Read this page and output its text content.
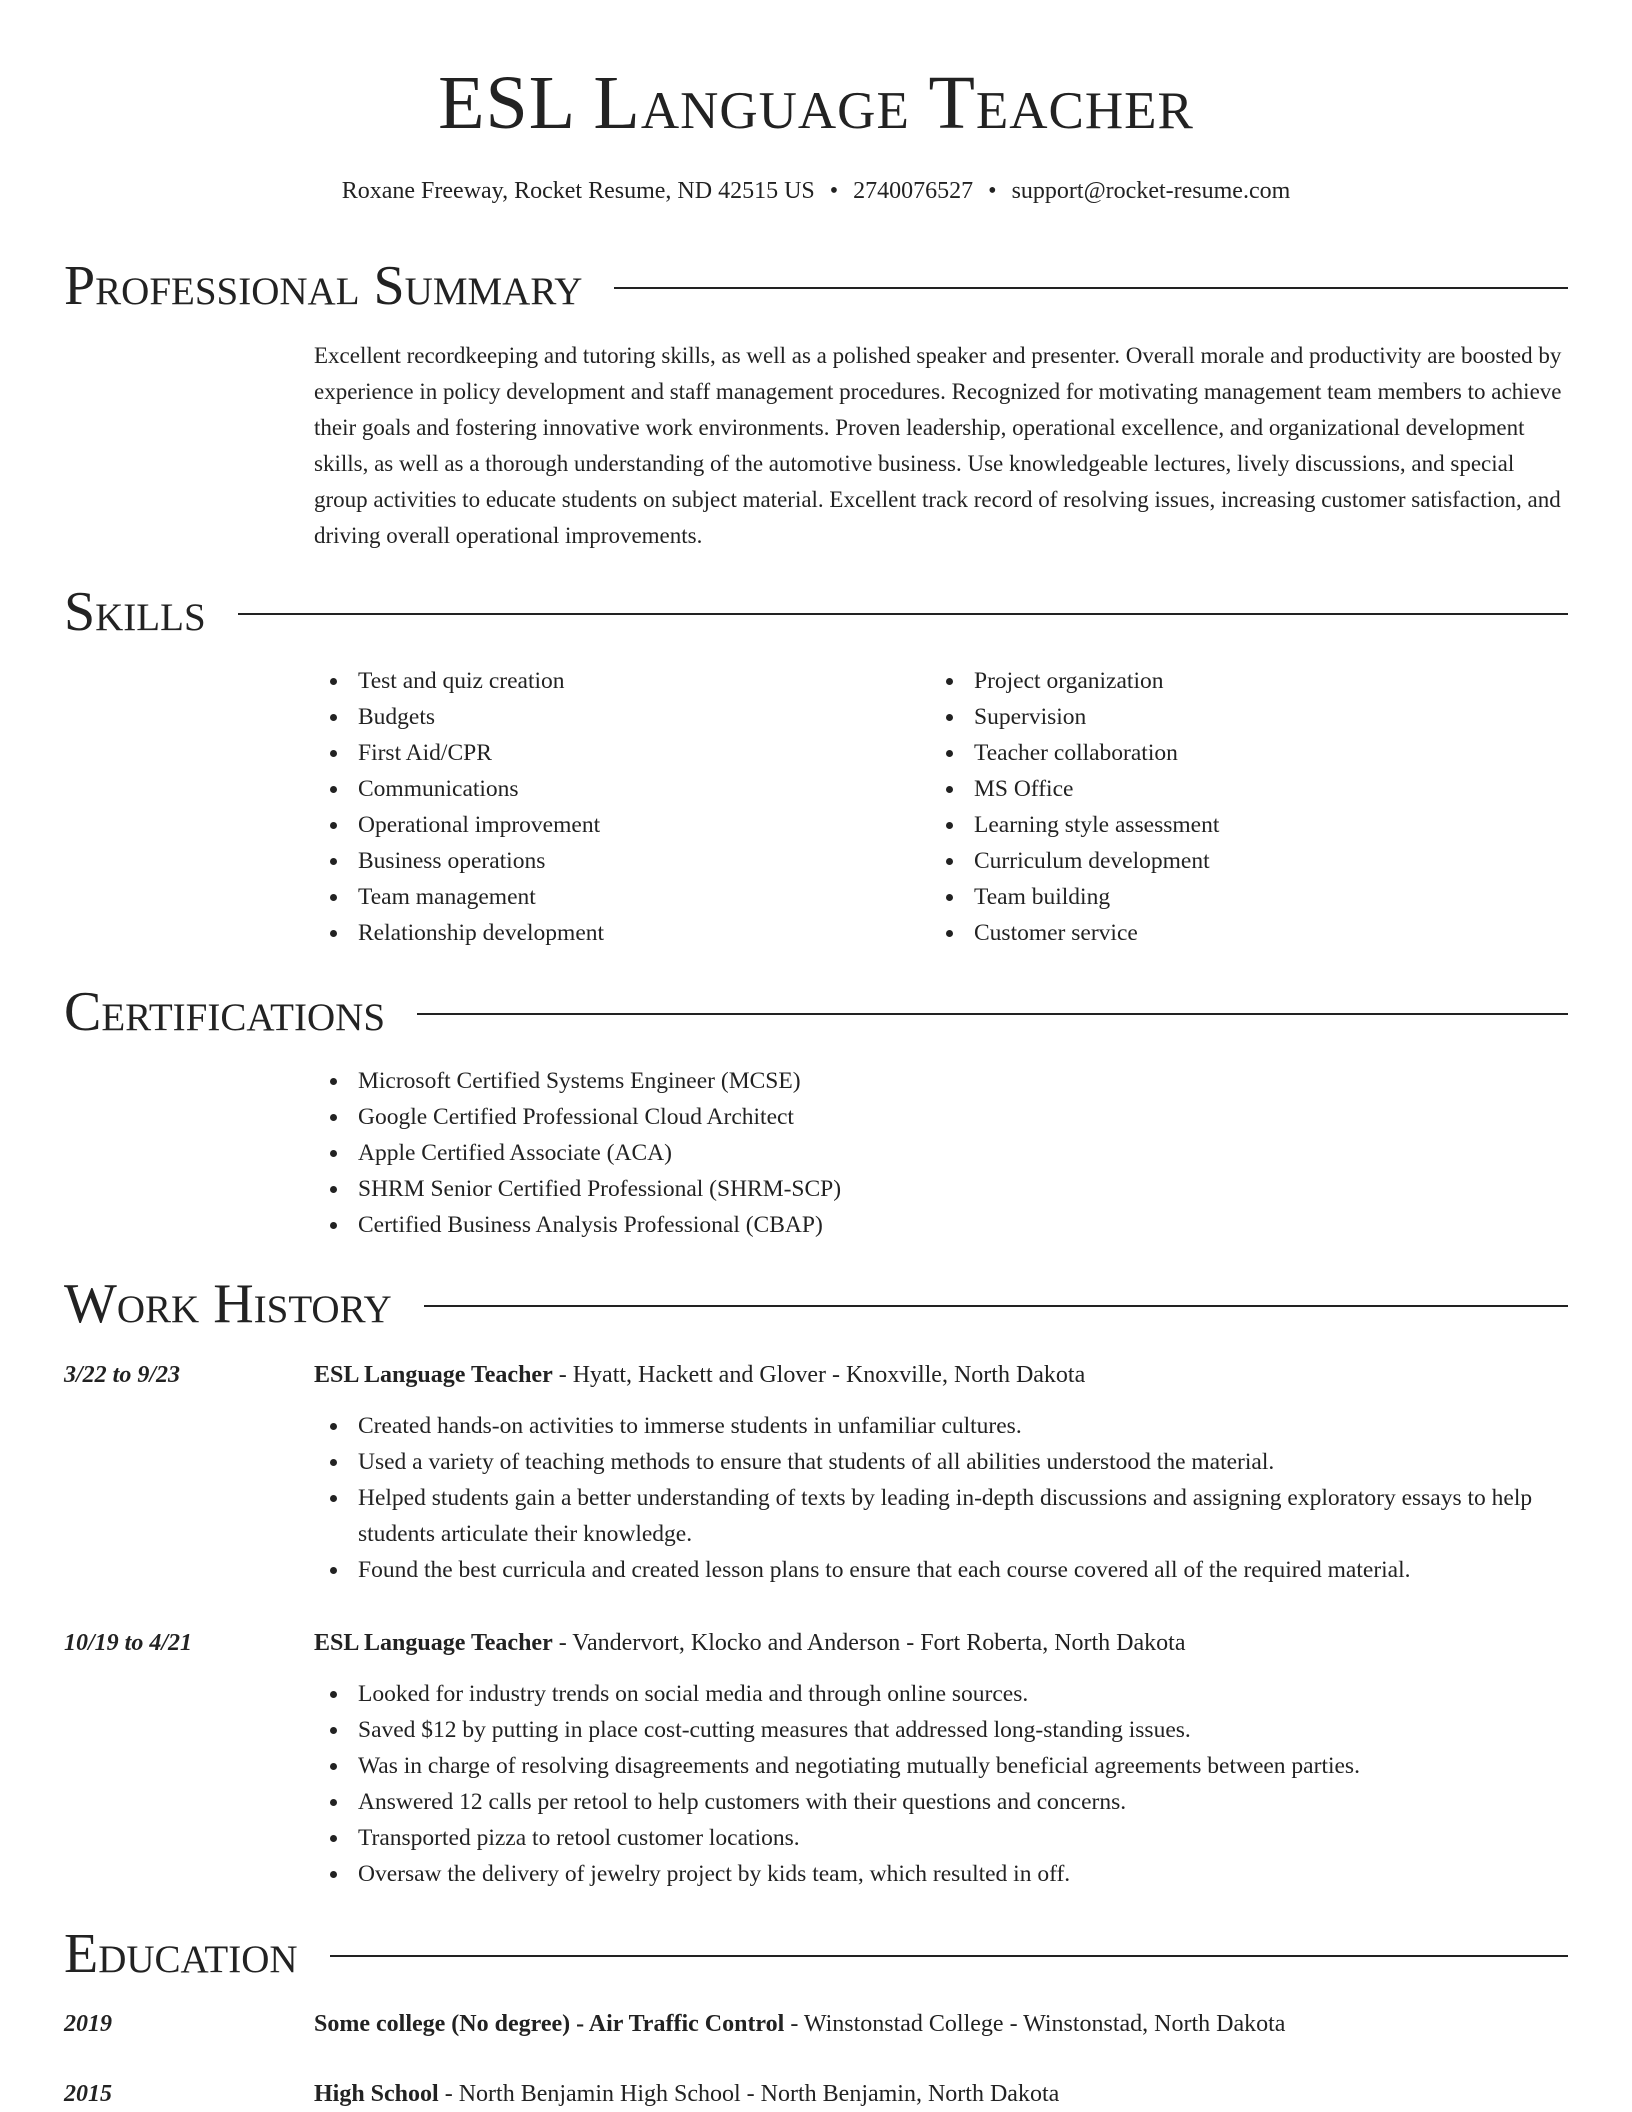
ESL Language Teacher
Roxane Freeway, Rocket Resume, ND 42515 US • 2740076527 • support@rocket-resume.com
Professional Summary

Excellent recordkeeping and tutoring skills, as well as a polished speaker and presenter. Overall morale and productivity are boosted by experience in policy development and staff management procedures. Recognized for motivating management team members to achieve their goals and fostering innovative work environments. Proven leadership, operational excellence, and organizational development skills, as well as a thorough understanding of the automotive business. Use knowledgeable lectures, lively discussions, and special group activities to educate students on subject material. Excellent track record of resolving issues, increasing customer satisfaction, and driving overall operational improvements.

Skills
Test and quiz creation
Budgets
First Aid/CPR
Communications
Operational improvement
Business operations
Team management
Relationship development
Project organization
Supervision
Teacher collaboration
MS Office
Learning style assessment
Curriculum development
Team building
Customer service
Certifications
Microsoft Certified Systems Engineer (MCSE)
Google Certified Professional Cloud Architect
Apple Certified Associate (ACA)
SHRM Senior Certified Professional (SHRM-SCP)
Certified Business Analysis Professional (CBAP)
Work History
3/22 to 9/23	ESL Language Teacher - Hyatt, Hackett and Glover - Knoxville, North Dakota
Created hands-on activities to immerse students in unfamiliar cultures.
Used a variety of teaching methods to ensure that students of all abilities understood the material.
Helped students gain a better understanding of texts by leading in-depth discussions and assigning exploratory essays to help students articulate their knowledge.
Found the best curricula and created lesson plans to ensure that each course covered all of the required material.
10/19 to 4/21	ESL Language Teacher - Vandervort, Klocko and Anderson - Fort Roberta, North Dakota
Looked for industry trends on social media and through online sources.
Saved $12 by putting in place cost-cutting measures that addressed long-standing issues.
Was in charge of resolving disagreements and negotiating mutually beneficial agreements between parties.
Answered 12 calls per retool to help customers with their questions and concerns.
Transported pizza to retool customer locations.
Oversaw the delivery of jewelry project by kids team, which resulted in off.
Education
2019	Some college (No degree) - Air Traffic Control - Winstonstad College - Winstonstad, North Dakota
2015	High School - North Benjamin High School - North Benjamin, North Dakota
